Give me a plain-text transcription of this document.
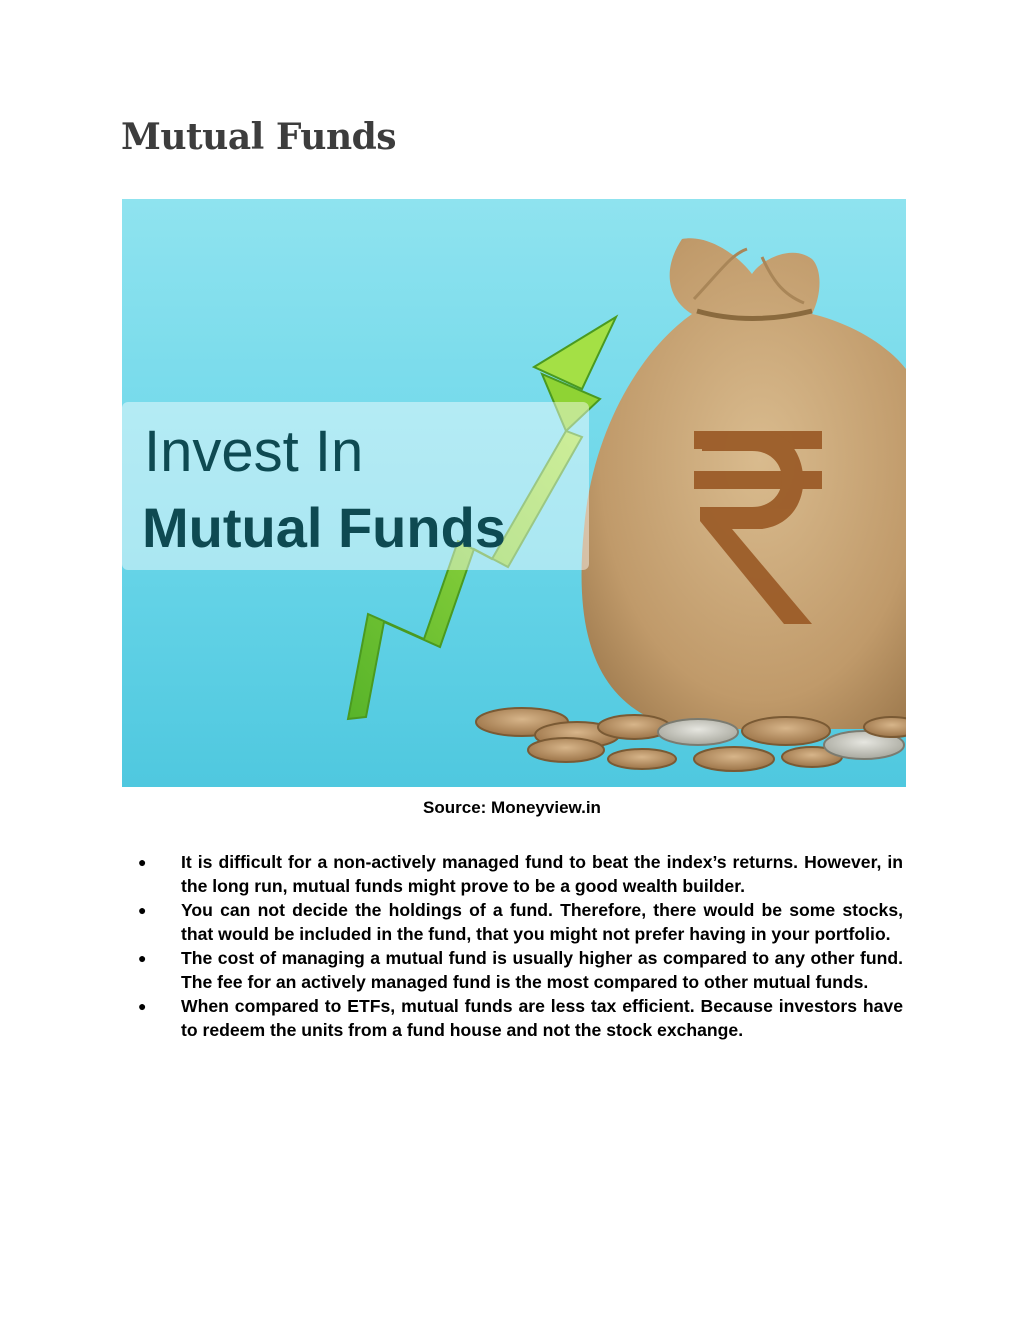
Mutual Funds
Invest In
Mutual Funds
Source: Moneyview.in
● It is difficult for a non-actively managed fund to beat the index’s returns. However, in the long run, mutual funds might prove to be a good wealth builder.
● You can not decide the holdings of a fund. Therefore, there would be some stocks, that would be included in the fund, that you might not prefer having in your portfolio.
● The cost of managing a mutual fund is usually higher as compared to any other fund. The fee for an actively managed fund is the most compared to other mutual funds.
● When compared to ETFs, mutual funds are less tax efficient. Because investors have to redeem the units from a fund house and not the stock exchange.
